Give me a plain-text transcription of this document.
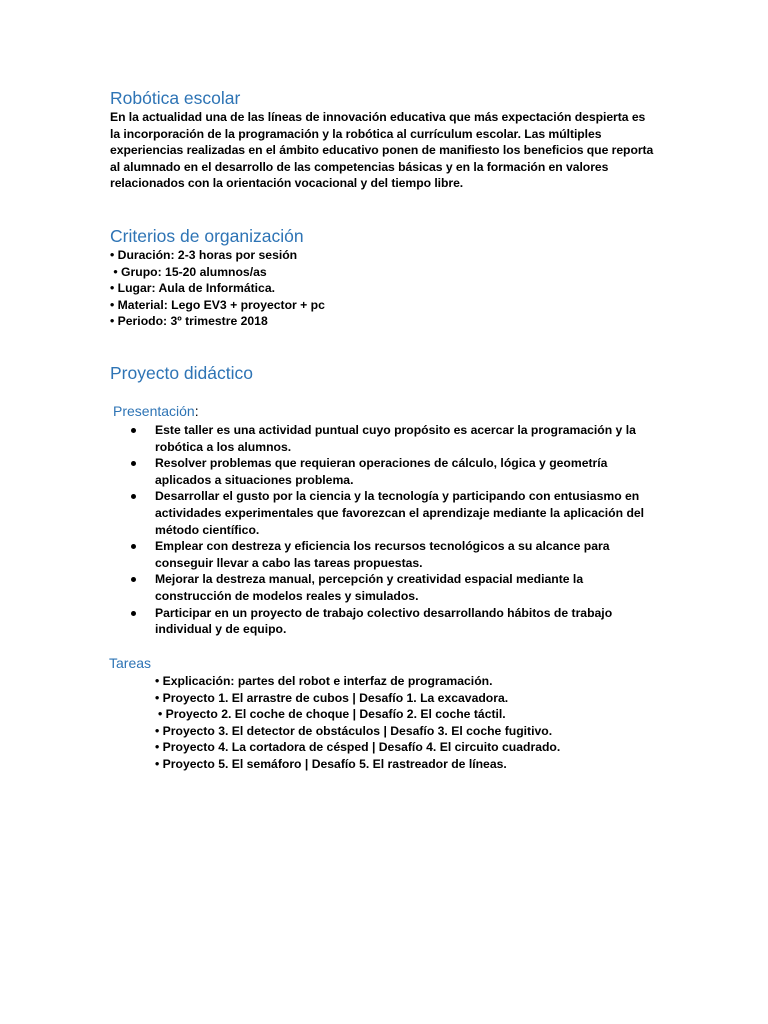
Robótica escolar

En la actualidad una de las líneas de innovación educativa que más expectación despierta es la incorporación de la programación y la robótica al currículum escolar. Las múltiples experiencias realizadas en el ámbito educativo ponen de manifiesto los beneficios que reporta al alumnado en el desarrollo de las competencias básicas y en la formación en valores relacionados con la orientación vocacional y del tiempo libre.

Criterios de organización
• Duración: 2-3 horas por sesión
• Grupo: 15-20 alumnos/as
• Lugar: Aula de Informática.
• Material: Lego EV3 + proyector + pc
• Periodo: 3º trimestre 2018
Proyecto didáctico
Presentación:
Este taller es una actividad puntual cuyo propósito es acercar la programación y la robótica a los alumnos.
Resolver problemas que requieran operaciones de cálculo, lógica y geometría aplicados a situaciones problema.
Desarrollar el gusto por la ciencia y la tecnología y participando con entusiasmo en actividades experimentales que favorezcan el aprendizaje mediante la aplicación del método científico.
Emplear con destreza y eficiencia los recursos tecnológicos a su alcance para conseguir llevar a cabo las tareas propuestas.
Mejorar la destreza manual, percepción y creatividad espacial mediante la construcción de modelos reales y simulados.
Participar en un proyecto de trabajo colectivo desarrollando hábitos de trabajo individual y de equipo.
Tareas
• Explicación: partes del robot e interfaz de programación.
• Proyecto 1. El arrastre de cubos | Desafío 1. La excavadora.
• Proyecto 2. El coche de choque | Desafío 2. El coche táctil.
• Proyecto 3. El detector de obstáculos | Desafío 3. El coche fugitivo.
• Proyecto 4. La cortadora de césped | Desafío 4. El circuito cuadrado.
• Proyecto 5. El semáforo | Desafío 5. El rastreador de líneas.
